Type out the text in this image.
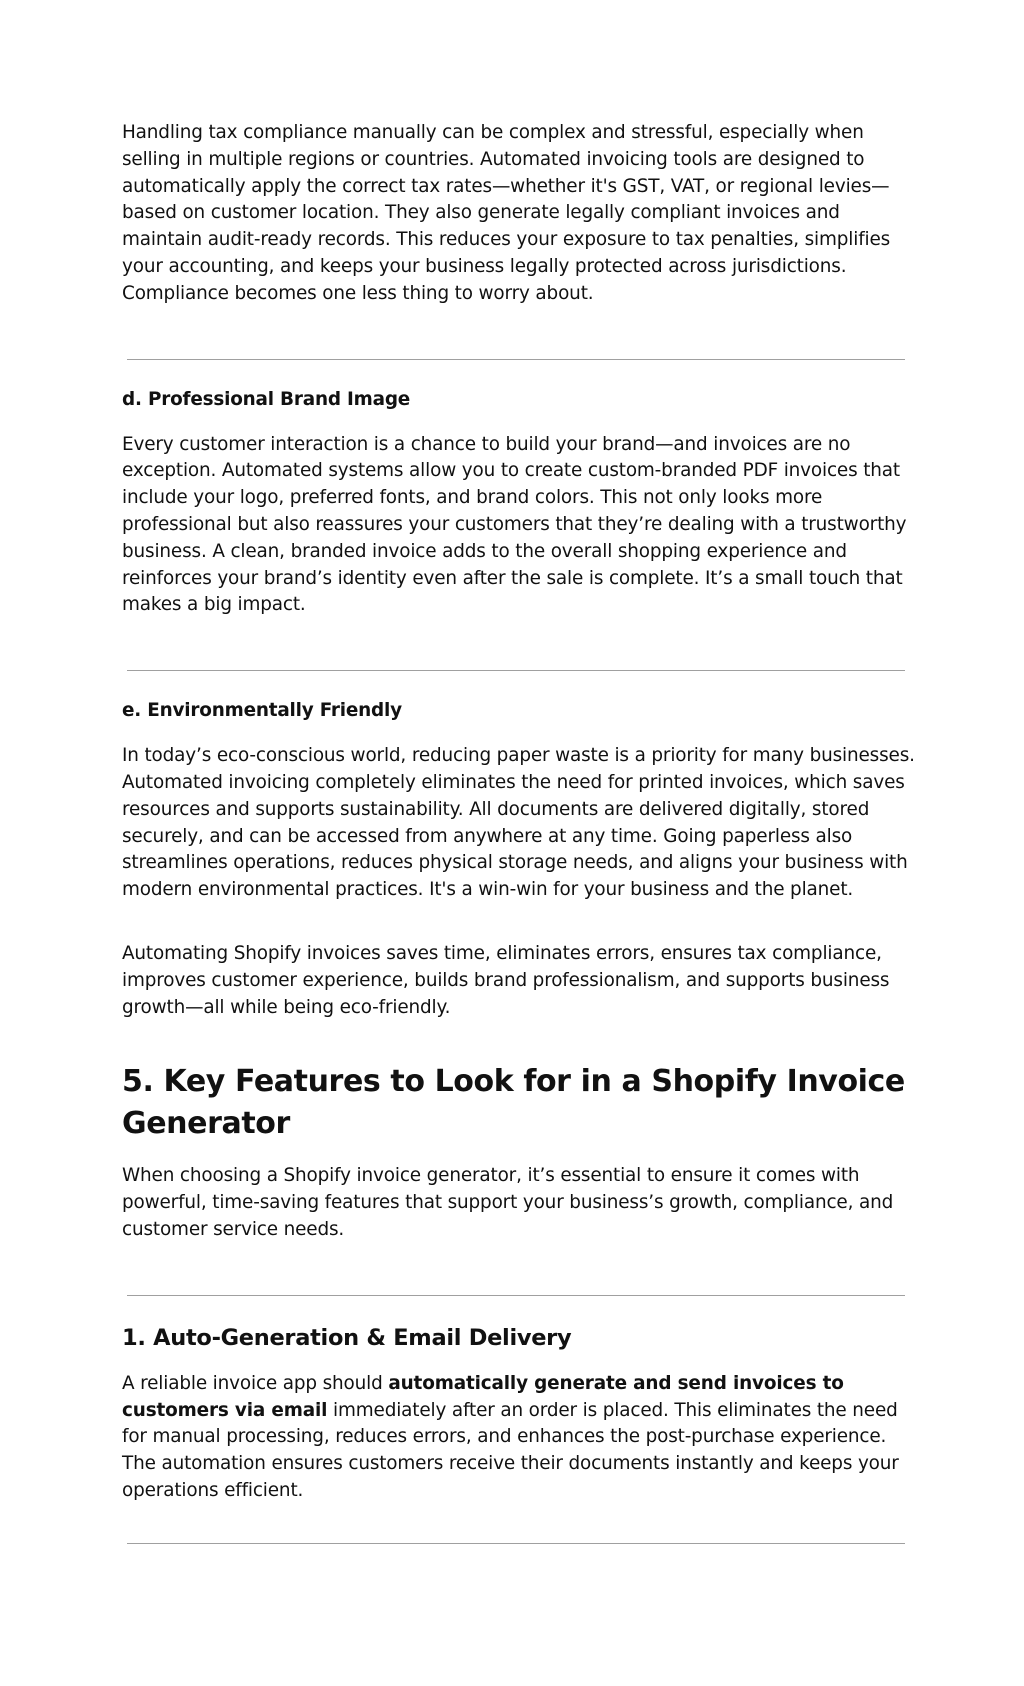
Handling tax compliance manually can be complex and stressful, especially when selling in multiple regions or countries. Automated invoicing tools are designed to automatically apply the correct tax rates—whether it's GST, VAT, or regional levies—based on customer location. They also generate legally compliant invoices and maintain audit-ready records. This reduces your exposure to tax penalties, simplifies your accounting, and keeps your business legally protected across jurisdictions. Compliance becomes one less thing to worry about.

d. Professional Brand Image

Every customer interaction is a chance to build your brand—and invoices are no exception. Automated systems allow you to create custom-branded PDF invoices that include your logo, preferred fonts, and brand colors. This not only looks more professional but also reassures your customers that they’re dealing with a trustworthy business. A clean, branded invoice adds to the overall shopping experience and reinforces your brand’s identity even after the sale is complete. It’s a small touch that makes a big impact.

e. Environmentally Friendly

In today’s eco-conscious world, reducing paper waste is a priority for many businesses. Automated invoicing completely eliminates the need for printed invoices, which saves resources and supports sustainability. All documents are delivered digitally, stored securely, and can be accessed from anywhere at any time. Going paperless also streamlines operations, reduces physical storage needs, and aligns your business with modern environmental practices. It's a win-win for your business and the planet.

Automating Shopify invoices saves time, eliminates errors, ensures tax compliance, improves customer experience, builds brand professionalism, and supports business growth—all while being eco-friendly.

5. Key Features to Look for in a Shopify Invoice Generator

When choosing a Shopify invoice generator, it’s essential to ensure it comes with powerful, time-saving features that support your business’s growth, compliance, and customer service needs.

1. Auto-Generation & Email Delivery

A reliable invoice app should automatically generate and send invoices to customers via email immediately after an order is placed. This eliminates the need for manual processing, reduces errors, and enhances the post-purchase experience. The automation ensures customers receive their documents instantly and keeps your operations efficient.
